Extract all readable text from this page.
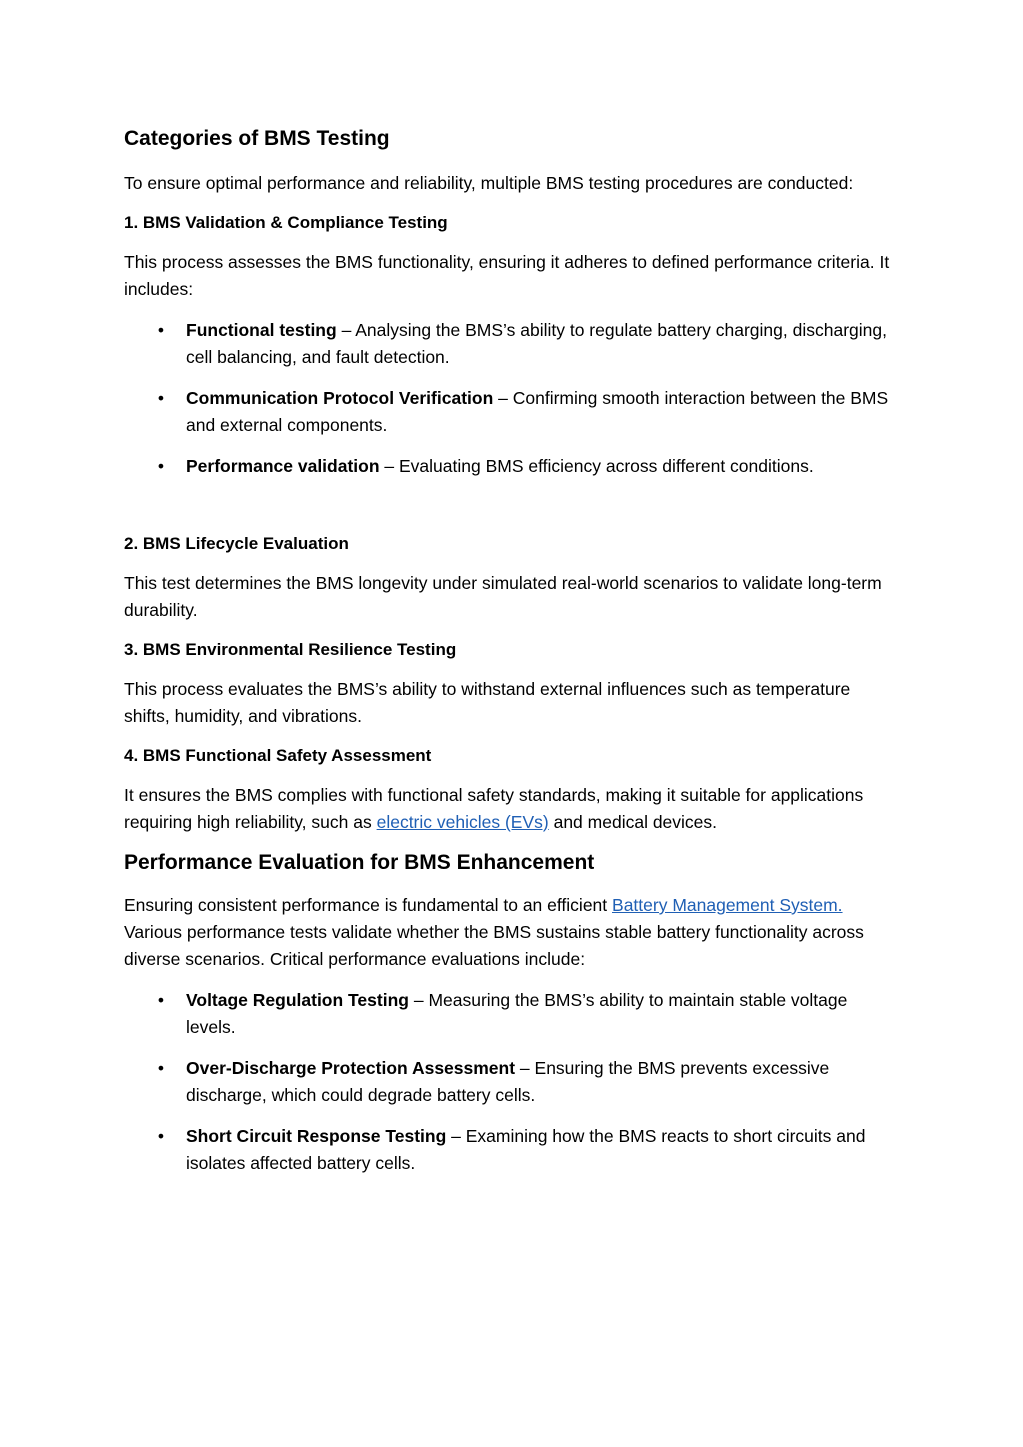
Categories of BMS Testing

To ensure optimal performance and reliability, multiple BMS testing procedures are conducted:

1. BMS Validation & Compliance Testing

This process assesses the BMS functionality, ensuring it adheres to defined performance criteria. It includes:

• Functional testing – Analysing the BMS’s ability to regulate battery charging, discharging, cell balancing, and fault detection.
• Communication Protocol Verification – Confirming smooth interaction between the BMS and external components.
• Performance validation – Evaluating BMS efficiency across different conditions.
2. BMS Lifecycle Evaluation

This test determines the BMS longevity under simulated real-world scenarios to validate long-term durability.

3. BMS Environmental Resilience Testing

This process evaluates the BMS’s ability to withstand external influences such as temperature shifts, humidity, and vibrations.

4. BMS Functional Safety Assessment

It ensures the BMS complies with functional safety standards, making it suitable for applications requiring high reliability, such as electric vehicles (EVs) and medical devices.

Performance Evaluation for BMS Enhancement

Ensuring consistent performance is fundamental to an efficient Battery Management System. Various performance tests validate whether the BMS sustains stable battery functionality across diverse scenarios. Critical performance evaluations include:

• Voltage Regulation Testing – Measuring the BMS’s ability to maintain stable voltage levels.
• Over-Discharge Protection Assessment – Ensuring the BMS prevents excessive discharge, which could degrade battery cells.
• Short Circuit Response Testing – Examining how the BMS reacts to short circuits and isolates affected battery cells.
